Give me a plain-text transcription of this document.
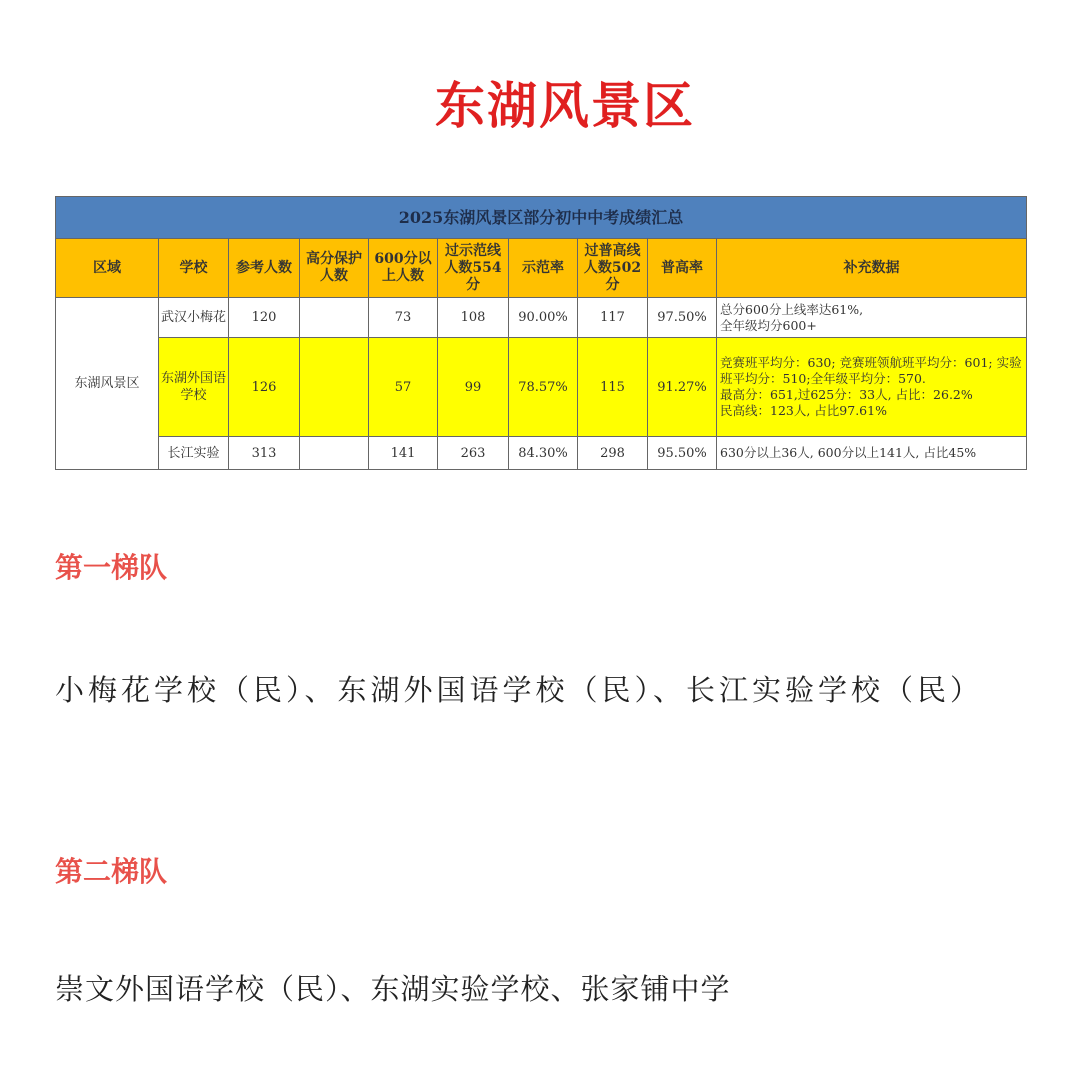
东湖风景区
2025东湖风景区部分初中中考成绩汇总									
区域	学校	参考人数	高分保护人数	600分以上人数	过示范线人数554分	示范率	过普高线人数502分	普高率	补充数据
东湖风景区	武汉小梅花	120		73	108	90.00%	117	97.50%	总分600分上线率达61%,
全年级均分600+
	东湖外国语学校	126		57	99	78.57%	115	91.27%	竞赛班平均分：630; 竞赛班领航班平均分：601; 实验班平均分：510;全年级平均分：570.
最高分：651,过625分：33人, 占比：26.2%
民高线：123人, 占比97.61%
	长江实验	313		141	263	84.30%	298	95.50%	630分以上36人, 600分以上141人, 占比45%
第一梯队
小梅花学校（民）、东湖外国语学校（民）、长江实验学校（民）
第二梯队
崇文外国语学校（民）、东湖实验学校、张家铺中学
